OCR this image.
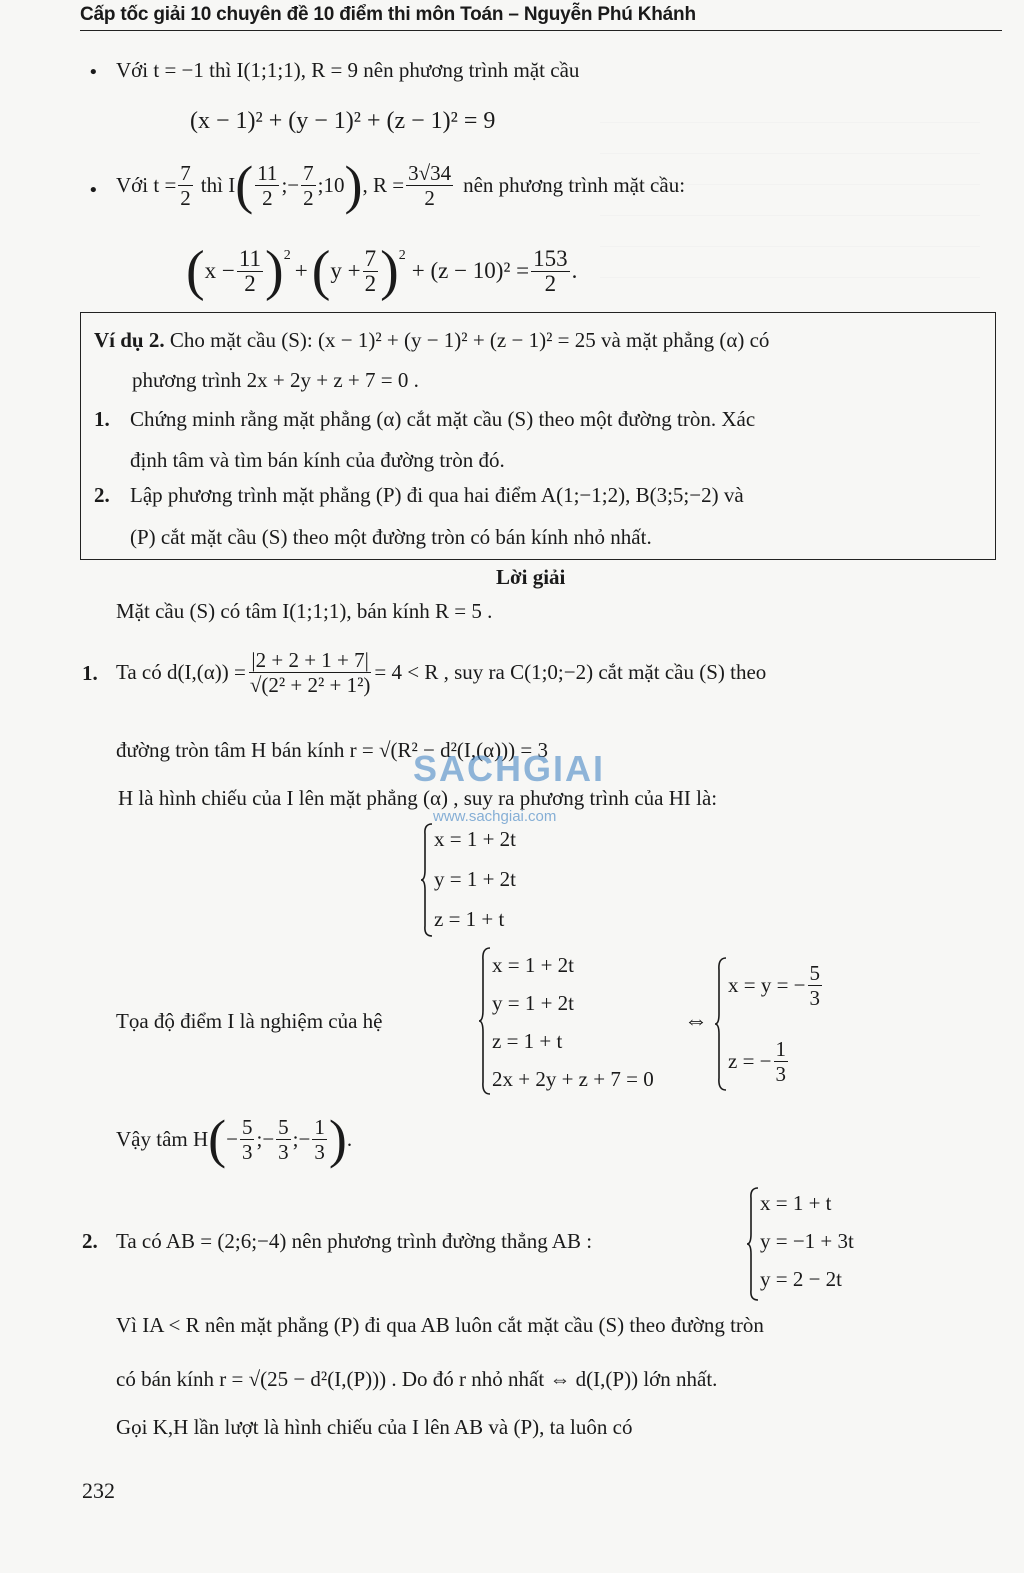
Cấp tốc giải 10 chuyên đề 10 điểm thi môn Toán – Nguyễn Phú Khánh
• Với t = −1 thì I(1;1;1), R = 9 nên phương trình mặt cầu
(x − 1)² + (y − 1)² + (z − 1)² = 9
• Với $t = \frac{7}{2}$ thì I ( $\frac{11}{2}$ ;− $\frac{7}{2}$ ;10 ) , $R = \frac{3√34}{2}$ nên phương trình mặt cầu:
( $x - \frac{11}{2}$ ) 2
+ ( $y + \frac{7}{2}$ ) 2
+ $(z - 10)^2 = \frac{153}{2}$ .
Ví dụ 2. Cho mặt cầu (S): (x − 1)² + (y − 1)² + (z − 1)² = 25 và mặt phẳng (α) có
phương trình 2x + 2y + z + 7 = 0 .
1. Chứng minh rằng mặt phẳng (α) cắt mặt cầu (S) theo một đường tròn. Xác
định tâm và tìm bán kính của đường tròn đó.
2. Lập phương trình mặt phẳng (P) đi qua hai điểm A(1;−1;2), B(3;5;−2) và
(P) cắt mặt cầu (S) theo một đường tròn có bán kính nhỏ nhất.
Lời giải
Mặt cầu (S) có tâm I(1;1;1), bán kính R = 5 .
1. Ta có $d(I,(\alpha)) = \frac{|2 + 2 + 1 + 7|}{\text{√(2² + 2² + 1²)}} = 4 < R$ , suy ra C(1;0;−2) cắt mặt cầu (S) theo
đường tròn tâm H bán kính r = √(R² − d²(I,(α))) = 3
H là hình chiếu của I lên mặt phẳng (α) , suy ra phương trình của HI là:
x = 1 + 2t
y = 1 + 2t
z = 1 + t
Tọa độ điểm I là nghiệm của hệ
x = 1 + 2t
y = 1 + 2t
z = 1 + t
2x + 2y + z + 7 = 0
⇔
x = y = − $\frac{5}{3}$
z = − $\frac{1}{3}$
Vậy tâm H ( − $\frac{5}{3}$ ;− $\frac{5}{3}$ ;− $\frac{1}{3}$ ) .
2. Ta có AB = (2;6;−4) nên phương trình đường thẳng AB :
x = 1 + t
y = −1 + 3t
y = 2 − 2t
Vì IA < R nên mặt phẳng (P) đi qua AB luôn cắt mặt cầu (S) theo đường tròn
có bán kính r = √(25 − d²(I,(P))) . Do đó r nhỏ nhất ⇔ d(I,(P)) lớn nhất.
Gọi K,H lần lượt là hình chiếu của I lên AB và (P), ta luôn có
SACHGIAI
www.sachgiai.com
232
